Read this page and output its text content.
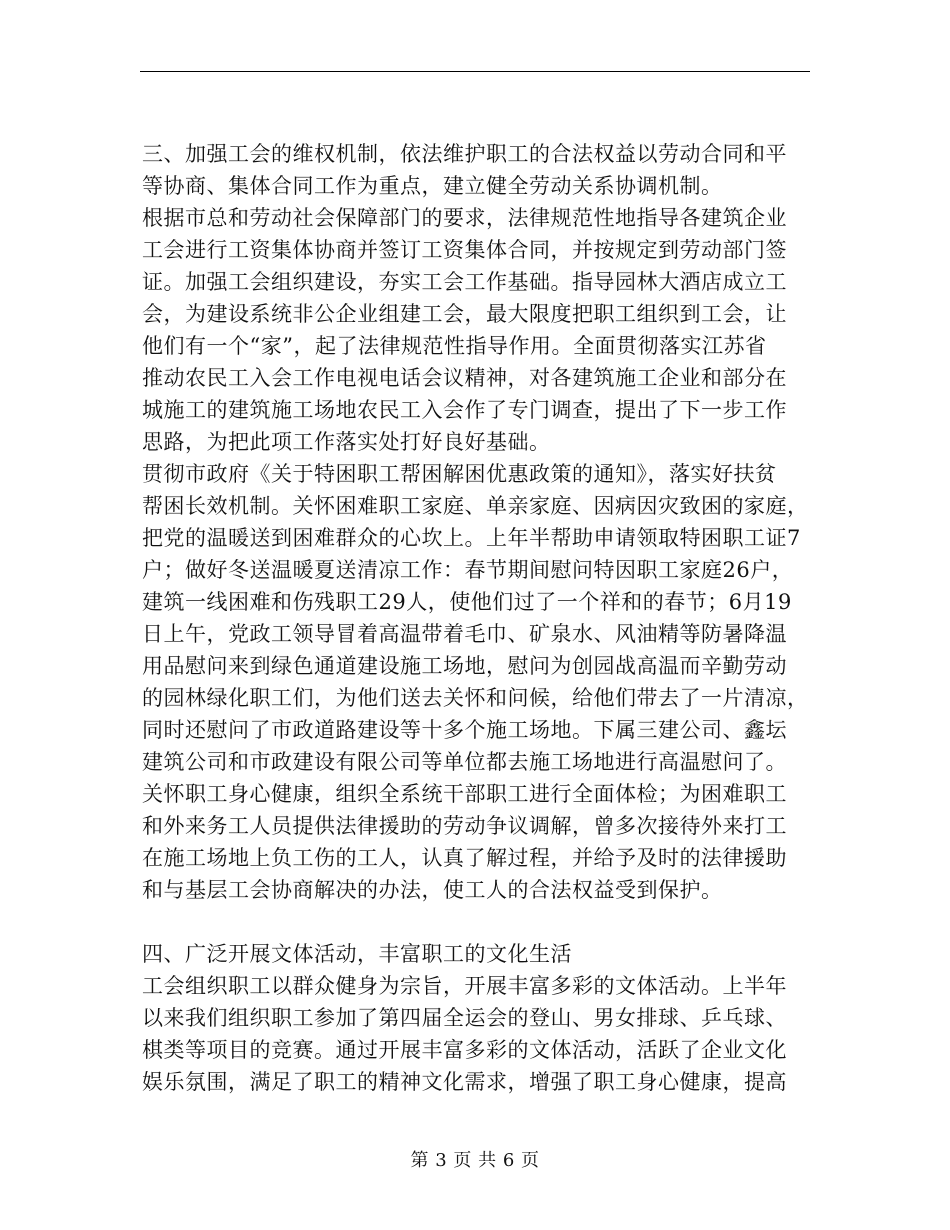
三、加强工会的维权机制，依法维护职工的合法权益以劳动合同和平
等协商、集体合同工作为重点，建立健全劳动关系协调机制。
根据市总和劳动社会保障部门的要求，法律规范性地指导各建筑企业
工会进行工资集体协商并签订工资集体合同，并按规定到劳动部门签
证。加强工会组织建设，夯实工会工作基础。指导园林大酒店成立工
会，为建设系统非公企业组建工会，最大限度把职工组织到工会，让
他们有一个“家”，起了法律规范性指导作用。全面贯彻落实江苏省
推动农民工入会工作电视电话会议精神，对各建筑施工企业和部分在
城施工的建筑施工场地农民工入会作了专门调查，提出了下一步工作
思路，为把此项工作落实处打好良好基础。
贯彻市政府《关于特困职工帮困解困优惠政策的通知》，落实好扶贫
帮困长效机制。关怀困难职工家庭、单亲家庭、因病因灾致困的家庭，
把党的温暖送到困难群众的心坎上。上年半帮助申请领取特困职工证7
户；做好冬送温暖夏送清凉工作：春节期间慰问特因职工家庭26户，
建筑一线困难和伤残职工29人，使他们过了一个祥和的春节；6月19
日上午，党政工领导冒着高温带着毛巾、矿泉水、风油精等防暑降温
用品慰问来到绿色通道建设施工场地，慰问为创园战高温而辛勤劳动
的园林绿化职工们，为他们送去关怀和问候，给他们带去了一片清凉，
同时还慰问了市政道路建设等十多个施工场地。下属三建公司、鑫坛
建筑公司和市政建设有限公司等单位都去施工场地进行高温慰问了。
关怀职工身心健康，组织全系统干部职工进行全面体检；为困难职工
和外来务工人员提供法律援助的劳动争议调解，曾多次接待外来打工
在施工场地上负工伤的工人，认真了解过程，并给予及时的法律援助
和与基层工会协商解决的办法，使工人的合法权益受到保护。
四、广泛开展文体活动，丰富职工的文化生活
工会组织职工以群众健身为宗旨，开展丰富多彩的文体活动。上半年
以来我们组织职工参加了第四届全运会的登山、男女排球、乒乓球、
棋类等项目的竞赛。通过开展丰富多彩的文体活动，活跃了企业文化
娱乐氛围，满足了职工的精神文化需求，增强了职工身心健康，提高
第 3 页 共 6 页
